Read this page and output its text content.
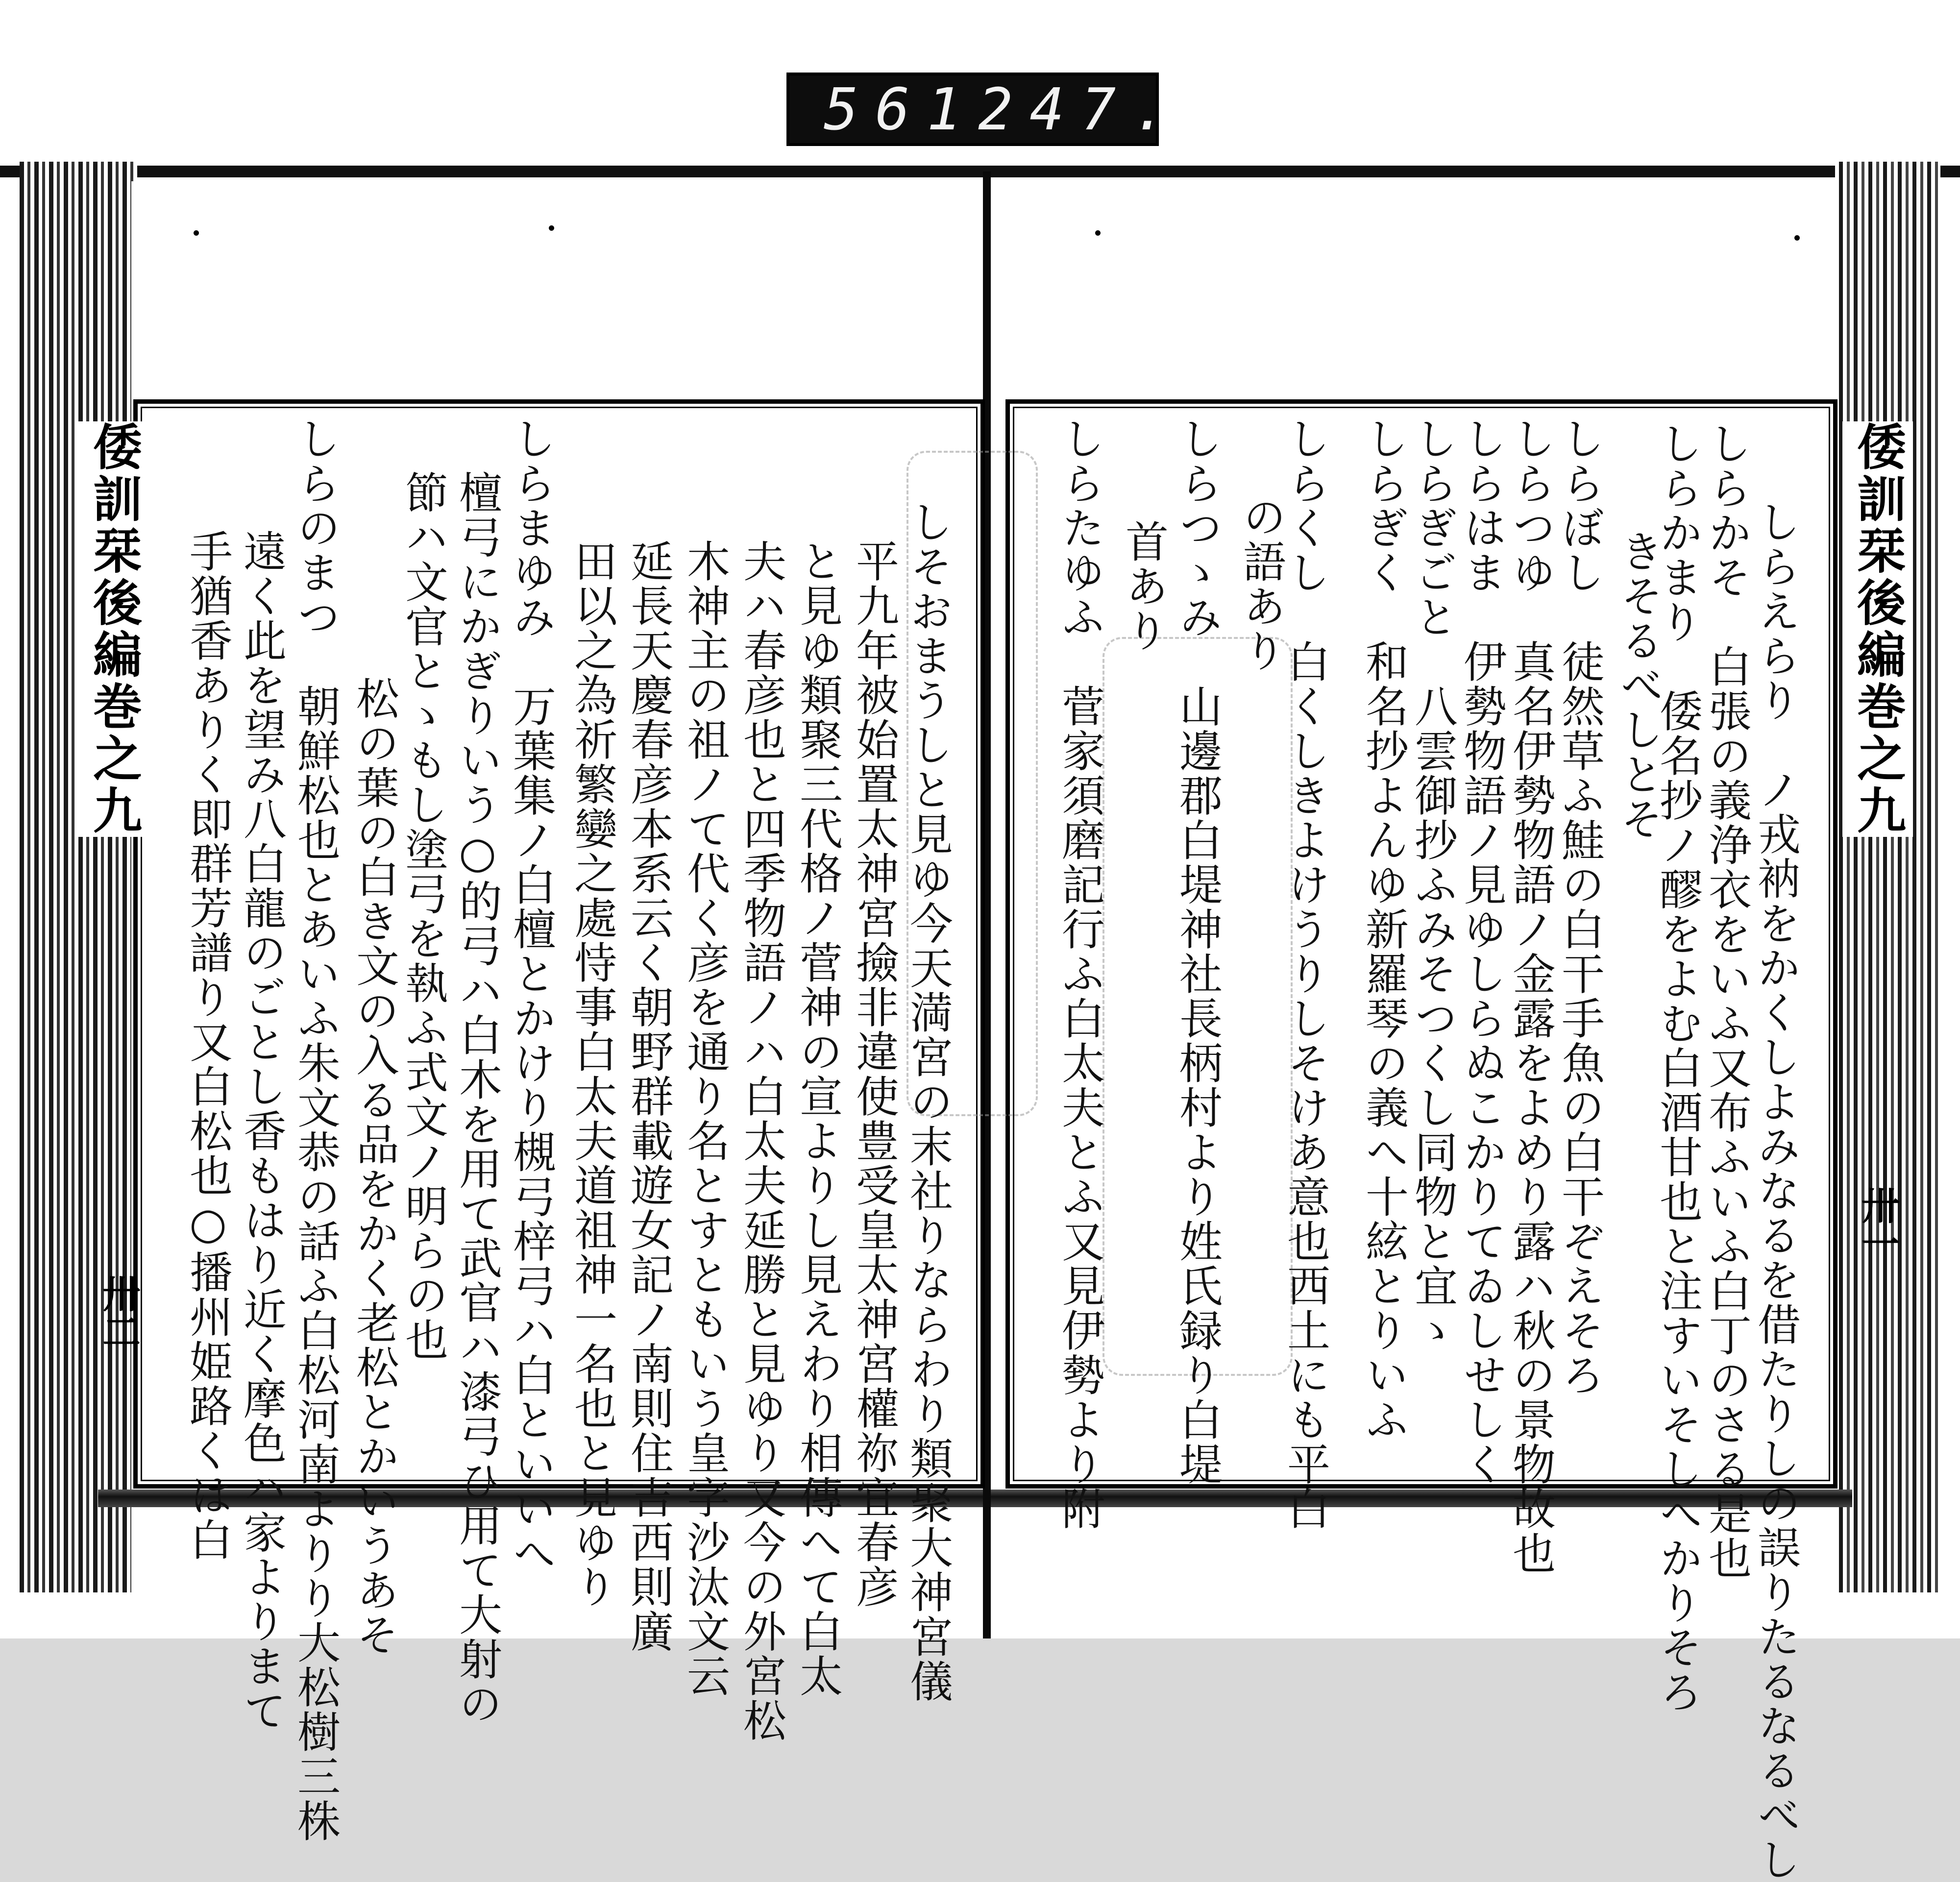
561 247.
倭訓栞後編巻之九	倭訓栞後編巻之九
卅二
卅一
しらえらり　ノ戎衲をかくしよみなるを借たりしの誤りたるなるべし
しらかそ　白張の義浄衣をいふ又布ふいふ白丁のさる是也
しらかまり　倭名抄ノ醪をよむ白酒甘也と注すいそしへかりそろ
きそるべしとそ
しらぼし　徒然草ふ鮭の白干手魚の白干ぞえそろ
しらつゆ　真名伊勢物語ノ金露をよめり露ハ秋の景物故也
しらはま　伊勢物語ノ見ゆしらぬこかりてゐしせしく
しらぎごと　八雲御抄ふみそつくし同物と宜ゝ
しらぎく　和名抄よんゆ新羅琴の義へ十絃とりいふ
しらくし　白くしきよけうりしそけあ意也西土にも平白
の語あり
しらつゝみ　山邊郡白堤神社長柄村より姓氏録り白堤
首あり
しらたゆふ　菅家須磨記行ふ白太夫とふ又見伊勢より附
しそおまうしと見ゆ今天満宮の末社りならわり類聚大神宮儀
平九年被始置太神宮撿非違使豊受皇太神宮權祢宜春彦
と見ゆ類聚三代格ノ菅神の宣よりし見えわり相傳へて白太
夫ハ春彦也と四季物語ノハ白太夫延勝と見ゆり又今の外宮松
木神主の祖ノて代く彦を通り名とすともいう皇字沙汰文云
延長天慶春彦本系云く朝野群載遊女記ノ南則住吉西則廣
田以之為祈繁孌之處恃事白太夫道祖神一名也と見ゆり
しらまゆみ　万葉集ノ白檀とかけり槻弓梓弓ハ白といいへ
檀弓にかぎりいう○的弓ハ白木を用て武官ハ漆弓ひ用て大射の
節ハ文官とゝもし塗弓を執ふ式文ノ明らの也
松の葉の白き文の入る品をかく老松とかいうあそ
しらのまつ　朝鮮松也とあいふ朱文恭の話ふ白松河南よりり大松樹三株
遠く此を望み八白龍のごとし香もはり近く摩色ハ家よりまて
手猶香ありく即群芳譜り又白松也○播州姫路くは白
